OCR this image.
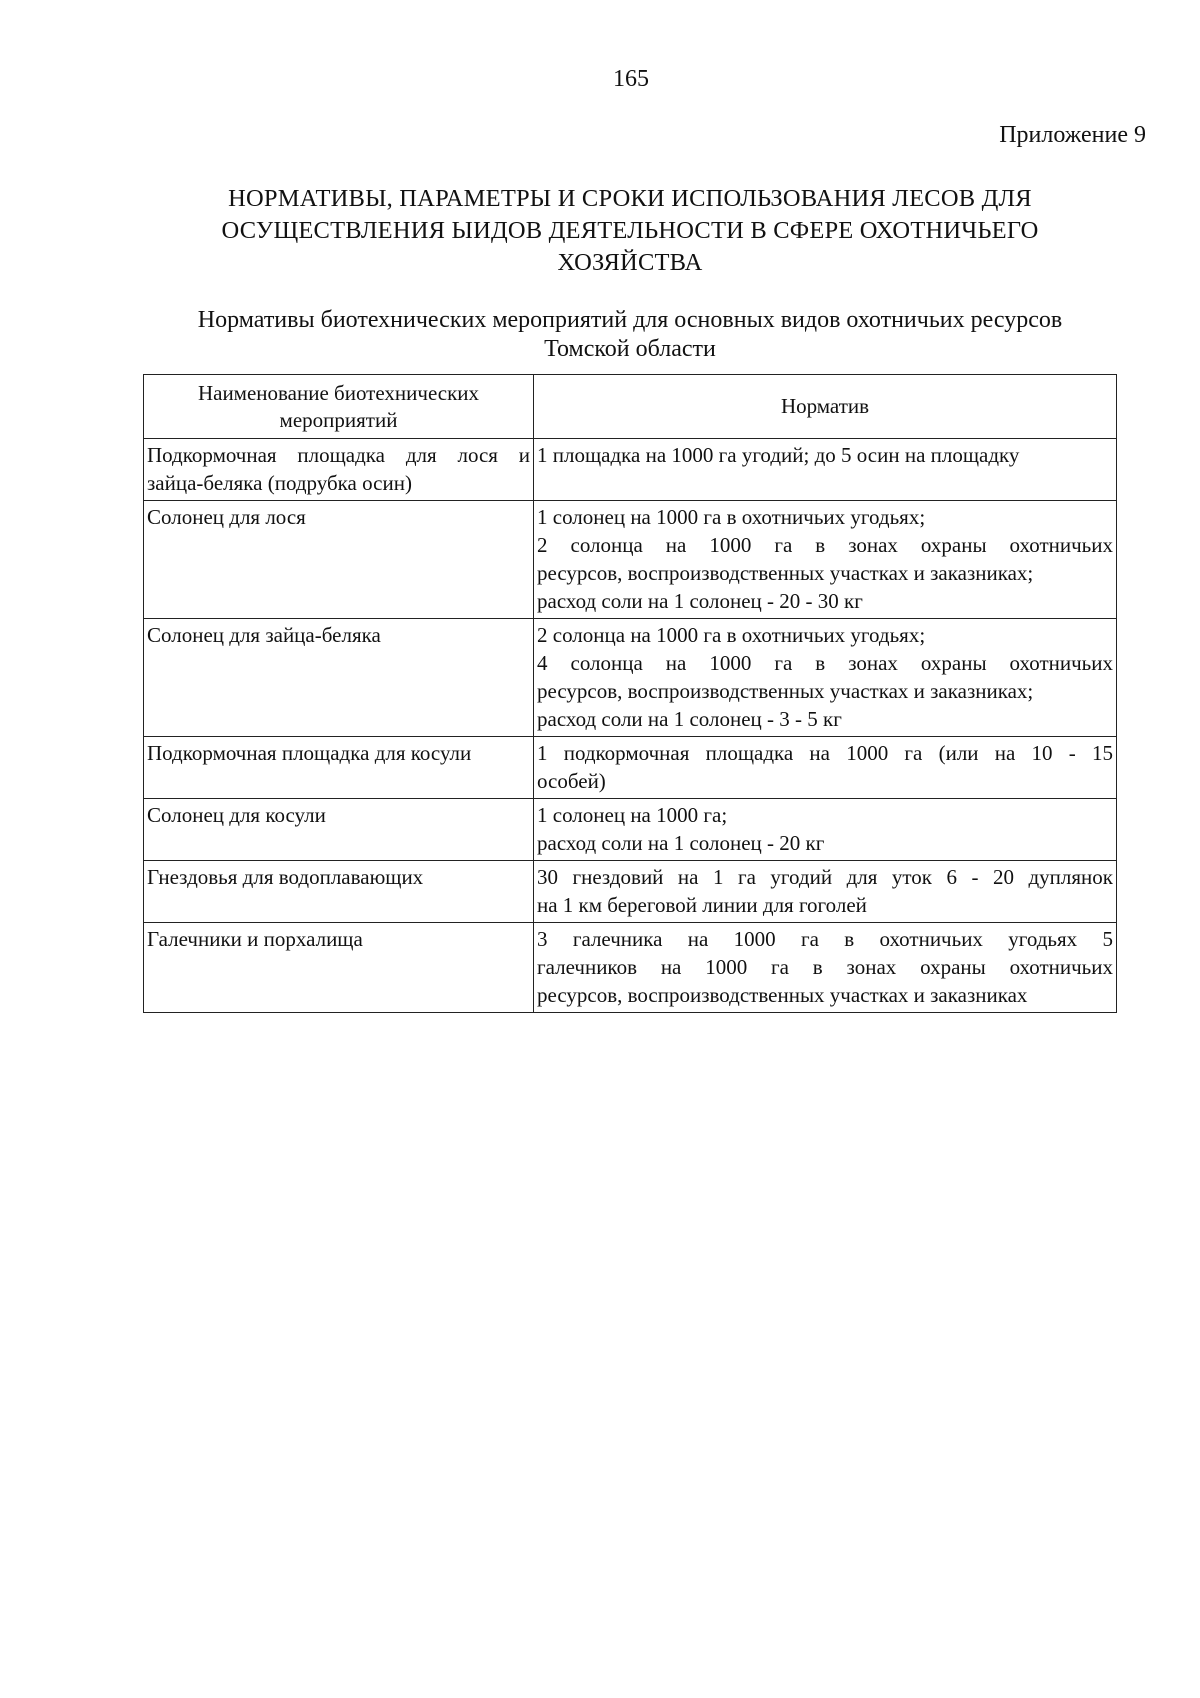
165
Приложение 9
НОРМАТИВЫ, ПАРАМЕТРЫ И СРОКИ ИСПОЛЬЗОВАНИЯ ЛЕСОВ ДЛЯ
ОСУЩЕСТВЛЕНИЯ ЫИДОВ ДЕЯТЕЛЬНОСТИ В СФЕРЕ ОХОТНИЧЬЕГО
ХОЗЯЙСТВА
Нормативы биотехнических мероприятий для основных видов охотничьих ресурсов
Томской области
Наименование биотехнических мероприятий	Норматив

Подкормочная площадка для лося и
зайца-беляка (подрубка осин)	1 площадка на 1000 га угодий; до 5 осин на площадку

Солонец для лося	1 солонец на 1000 га в охотничьих угодьях;
2 солонца на 1000 га в зонах охраны охотничьих
ресурсов, воспроизводственных участках и заказниках;
расход соли на 1 солонец - 20 - 30 кг

Солонец для зайца-беляка	2 солонца на 1000 га в охотничьих угодьях;
4 солонца на 1000 га в зонах охраны охотничьих
ресурсов, воспроизводственных участках и заказниках;
расход соли на 1 солонец - 3 - 5 кг

Подкормочная площадка для косули	1 подкормочная площадка на 1000 га (или на 10 - 15
особей)

Солонец для косули	1 солонец на 1000 га;
расход соли на 1 солонец - 20 кг

Гнездовья для водоплавающих	30 гнездовий на 1 га угодий для уток 6 - 20 дуплянок
на 1 км береговой линии для гоголей

Галечники и порхалища	3 галечника на 1000 га в охотничьих угодьях 5
галечников на 1000 га в зонах охраны охотничьих
ресурсов, воспроизводственных участках и заказниках
